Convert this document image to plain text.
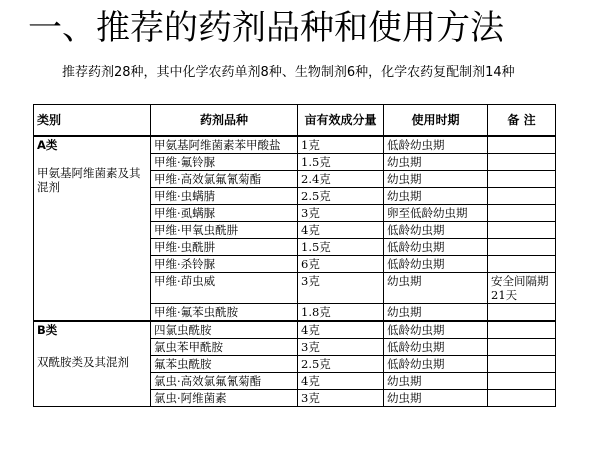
一、推荐的药剂品种和使用方法
推荐药剂28种，其中化学农药单剂8种、生物制剂6种，化学农药复配制剂14种
类别	药剂品种	亩有效成分量	使用时期	备 注

A类
甲氨基阿维菌素及其混剂	甲氨基阿维菌素苯甲酸盐	1克	低龄幼虫期	
	甲维·氟铃脲	1.5克	幼虫期	
	甲维·高效氯氟氰菊酯	2.4克	幼虫期	
	甲维·虫螨腈	2.5克	幼虫期	
	甲维·虱螨脲	3克	卵至低龄幼虫期	
	甲维·甲氧虫酰肼	4克	低龄幼虫期	
	甲维·虫酰肼	1.5克	低龄幼虫期	
	甲维·杀铃脲	6克	低龄幼虫期	
	甲维·茚虫威	3克	幼虫期	安全间隔期21天
	甲维·氟苯虫酰胺	1.8克	幼虫期	

B类
双酰胺类及其混剂	四氯虫酰胺	4克	低龄幼虫期	
	氯虫苯甲酰胺	3克	低龄幼虫期	
	氟苯虫酰胺	2.5克	低龄幼虫期	
	氯虫·高效氯氟氰菊酯	4克	幼虫期	
	氯虫·阿维菌素	3克	幼虫期	
